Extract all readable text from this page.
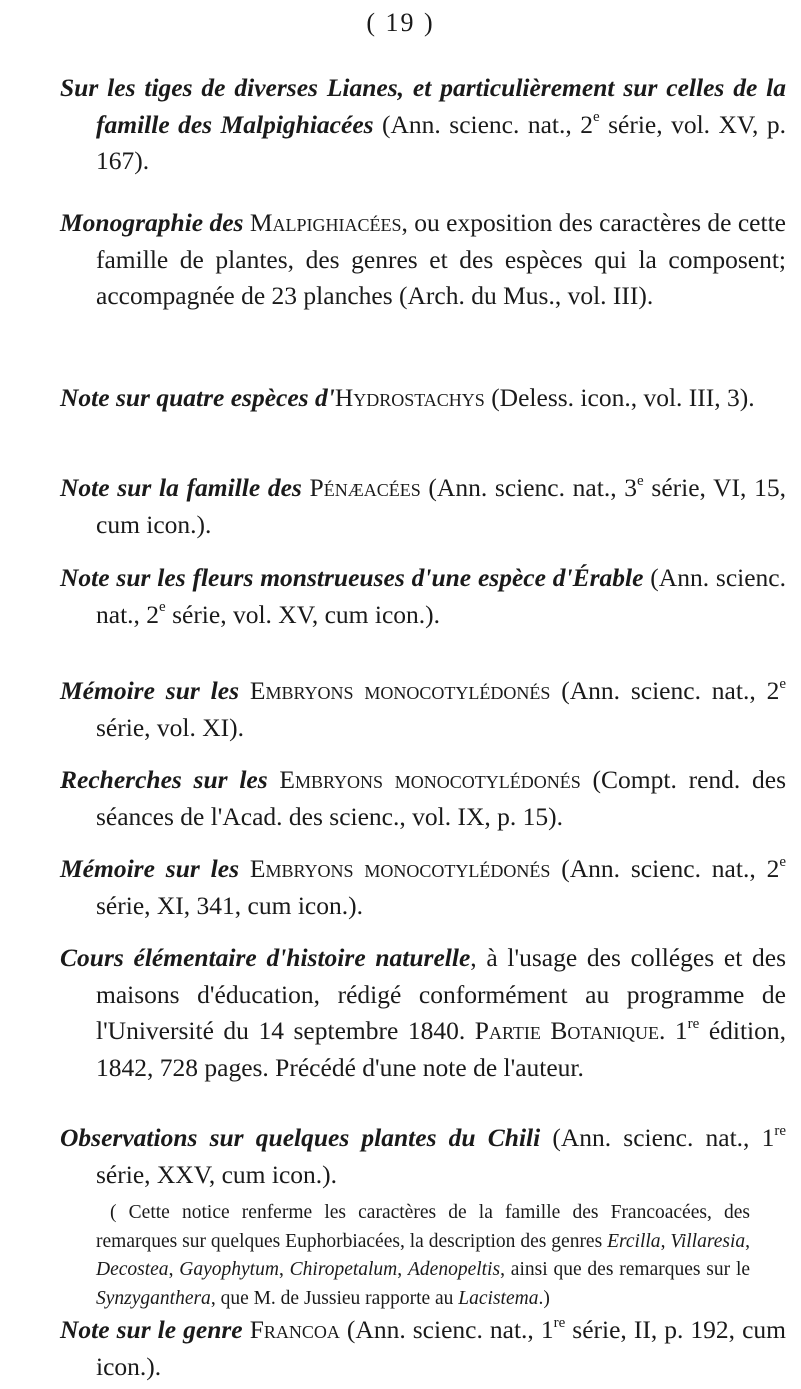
( 19 )
Sur les tiges de diverses Lianes, et particulièrement sur celles de la famille des Malpighiacées (Ann. scienc. nat., 2e série, vol. XV, p. 167).
Monographie des Malpighiacées, ou exposition des caractères de cette famille de plantes, des genres et des espèces qui la composent; accompagnée de 23 planches (Arch. du Mus., vol. III).
Note sur quatre espèces d'Hydrostachys (Deless. icon., vol. III, 3).
Note sur la famille des Pénæacées (Ann. scienc. nat., 3e série, VI, 15, cum icon.).
Note sur les fleurs monstrueuses d'une espèce d'Érable (Ann. scienc. nat., 2e série, vol. XV, cum icon.).
Mémoire sur les Embryons monocotylédonés (Ann. scienc. nat., 2e série, vol. XI).
Recherches sur les Embryons monocotylédonés (Compt. rend. des séances de l'Acad. des scienc., vol. IX, p. 15).
Mémoire sur les Embryons monocotylédonés (Ann. scienc. nat., 2e série, XI, 341, cum icon.).
Cours élémentaire d'histoire naturelle, à l'usage des colléges et des maisons d'éducation, rédigé conformément au programme de l'Université du 14 septembre 1840. Partie Botanique. 1re édition, 1842, 728 pages. Précédé d'une note de l'auteur.
Observations sur quelques plantes du Chili (Ann. scienc. nat., 1re série, XXV, cum icon.).
( Cette notice renferme les caractères de la famille des Francoacées, des remarques sur quelques Euphorbiacées, la description des genres Ercilla, Villaresia, Decostea, Gayophytum, Chiropetalum, Adenopeltis, ainsi que des remarques sur le Synzyganthera, que M. de Jussieu rapporte au Lacistema.)
Note sur le genre Francoa (Ann. scienc. nat., 1re série, II, p. 192, cum icon.).
